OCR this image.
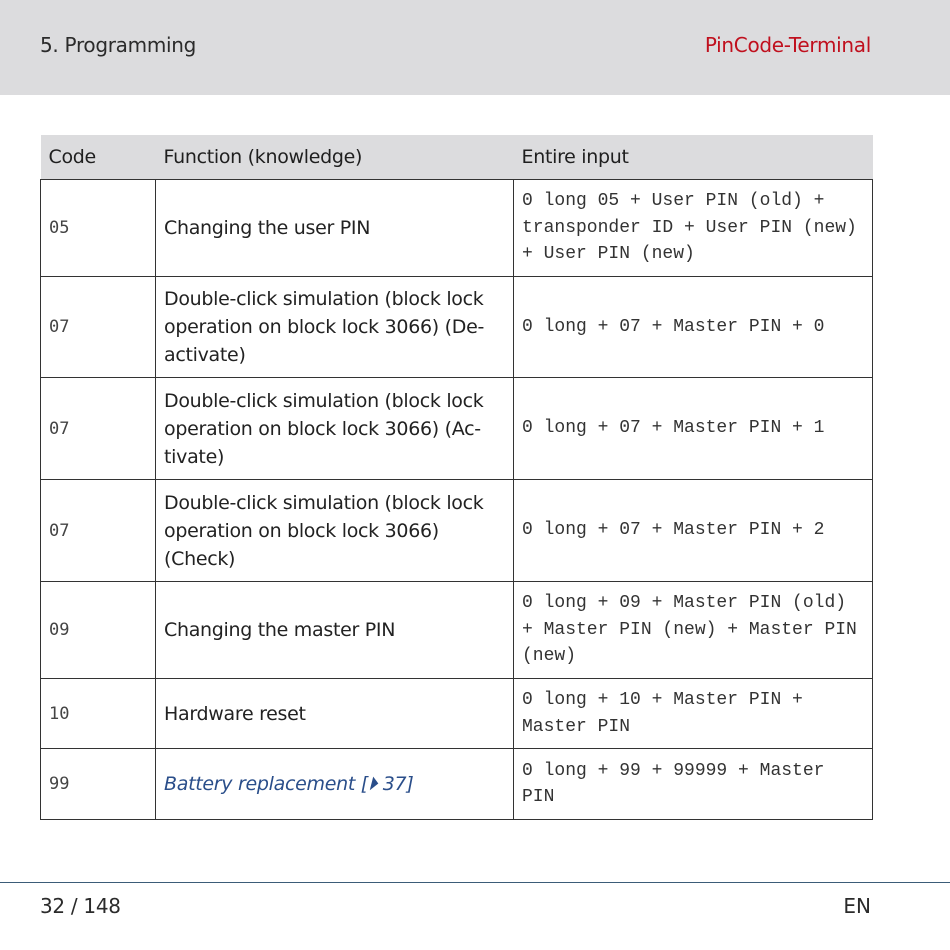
5. Programming	PinCode-Terminal
Code	Function (knowledge)	Entire input
05	Changing the user PIN	0 long 05 + User PIN (old) + transponder ID + User PIN (new) + User PIN (new)
07	Double-click simulation (block lock operation on block lock 3066) (De-activate)	0 long + 07 + Master PIN + 0
07	Double-click simulation (block lock operation on block lock 3066) (Ac-tivate)	0 long + 07 + Master PIN + 1
07	Double-click simulation (block lock operation on block lock 3066) (Check)	0 long + 07 + Master PIN + 2
09	Changing the master PIN	0 long + 09 + Master PIN (old) + Master PIN (new) + Master PIN (new)
10	Hardware reset	0 long + 10 + Master PIN + Master PIN
99	Battery replacement [⏵ 37]	0 long + 99 + 99999 + Master PIN
32 / 148	EN
